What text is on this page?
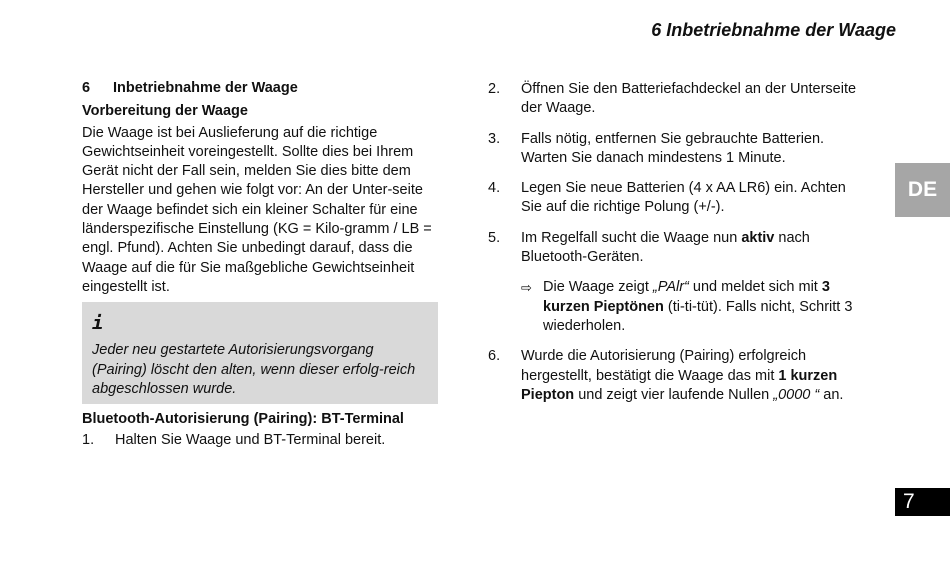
6 Inbetriebnahme der Waage
DE
7

6 Inbetriebnahme der Waage

Vorbereitung der Waage

Die Waage ist bei Auslieferung auf die richtige Gewichtseinheit voreingestellt. Sollte dies bei Ihrem Gerät nicht der Fall sein, melden Sie dies bitte dem Hersteller und gehen wie folgt vor: An der Unter-seite der Waage befindet sich ein kleiner Schalter für eine länderspezifische Einstellung (KG = Kilo-gramm / LB = engl. Pfund). Achten Sie unbedingt darauf, dass die Waage auf die für Sie maßgebliche Gewichtseinheit eingestellt ist.

i

Jeder neu gestartete Autorisierungsvorgang (Pairing) löscht den alten, wenn dieser erfolg-reich abgeschlossen wurde.

Bluetooth-Autorisierung (Pairing): BT-Terminal

1.	Halten Sie Waage und BT-Terminal bereit.
2.	Öffnen Sie den Batteriefachdeckel an der Unterseite der Waage.
3.	Falls nötig, entfernen Sie gebrauchte Batterien. Warten Sie danach mindestens 1 Minute.
4.	Legen Sie neue Batterien (4 x AA LR6) ein. Achten Sie auf die richtige Polung (+/-).
5.	Im Regelfall sucht die Waage nun aktiv nach Bluetooth-Geräten.
⇨ Die Waage zeigt „PAlr“ und meldet sich mit 3 kurzen Pieptönen (ti-ti-tüt). Falls nicht, Schritt 3 wiederholen.
6.	Wurde die Autorisierung (Pairing) erfolgreich hergestellt, bestätigt die Waage das mit 1 kurzen Piepton und zeigt vier laufende Nullen „0000 “ an.
